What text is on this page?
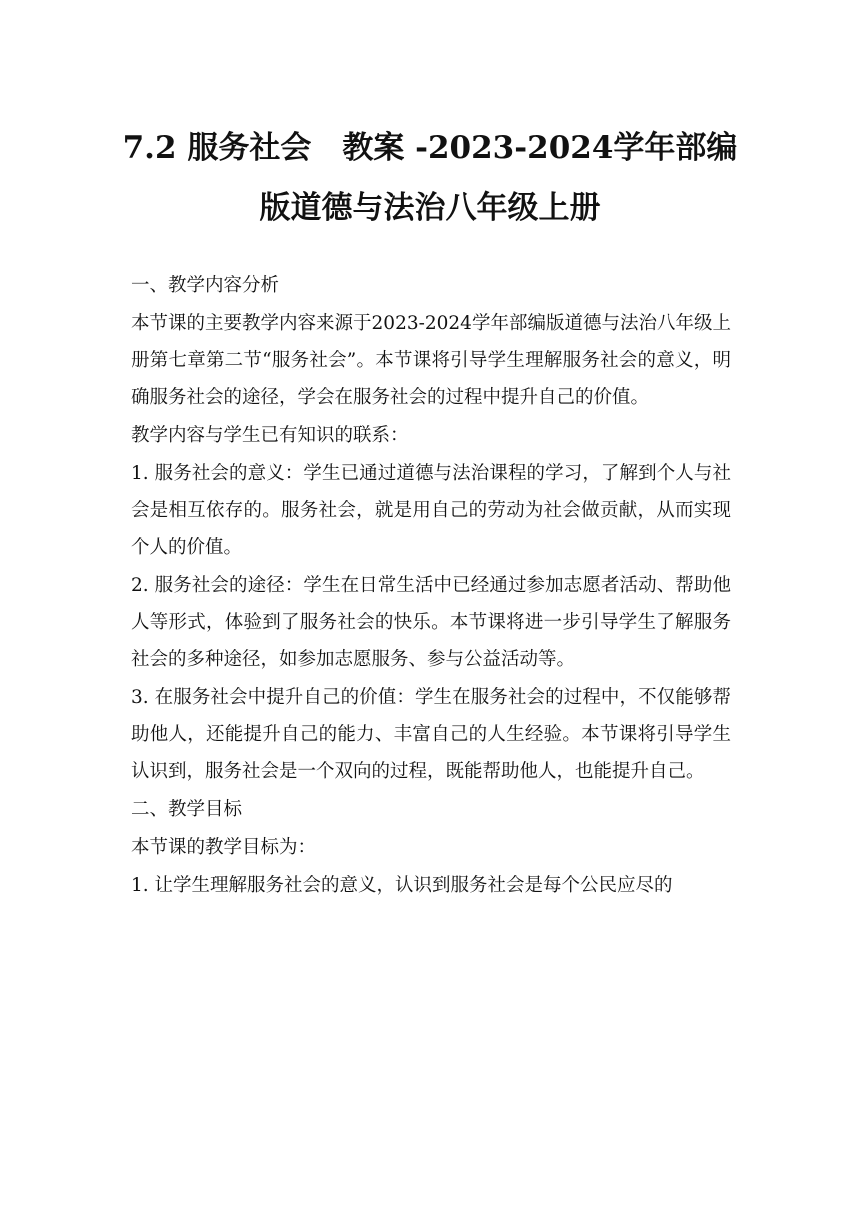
7.2 服务社会　教案 -2023-2024学年部编版道德与法治八年级上册

一、教学内容分析

本节课的主要教学内容来源于2023-2024学年部编版道德与法治八年级上册第七章第二节“服务社会”。本节课将引导学生理解服务社会的意义，明确服务社会的途径，学会在服务社会的过程中提升自己的价值。

教学内容与学生已有知识的联系：

1. 服务社会的意义：学生已通过道德与法治课程的学习，了解到个人与社会是相互依存的。服务社会，就是用自己的劳动为社会做贡献，从而实现个人的价值。

2. 服务社会的途径：学生在日常生活中已经通过参加志愿者活动、帮助他人等形式，体验到了服务社会的快乐。本节课将进一步引导学生了解服务社会的多种途径，如参加志愿服务、参与公益活动等。

3. 在服务社会中提升自己的价值：学生在服务社会的过程中，不仅能够帮助他人，还能提升自己的能力、丰富自己的人生经验。本节课将引导学生认识到，服务社会是一个双向的过程，既能帮助他人，也能提升自己。

二、教学目标

本节课的教学目标为：

1. 让学生理解服务社会的意义，认识到服务社会是每个公民应尽的
